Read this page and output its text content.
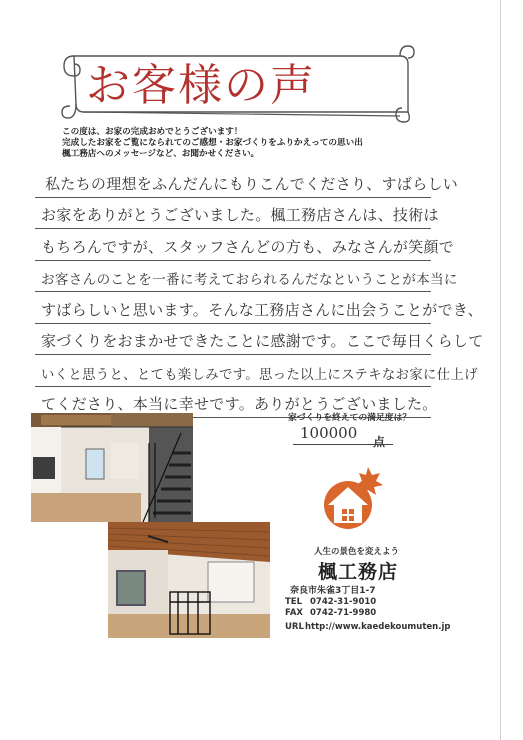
お客様の声
この度は、お家の完成おめでとうございます！
完成したお家をご覧になられてのご感想・お家づくりをふりかえっての思い出
楓工務店へのメッセージなど、お聞かせください。
私たちの理想をふんだんにもりこんでくださり、すばらしい
お家をありがとうございました。楓工務店さんは、技術は
もちろんですが、スタッフさんどの方も、みなさんが笑顔で
お客さんのことを一番に考えておられるんだなということが本当に
すばらしいと思います。そんな工務店さんに出会うことができ、
家づくりをおまかせできたことに感謝です。ここで毎日くらして
いくと思うと、とても楽しみです。思った以上にステキなお家に仕上げ
てくださり、本当に幸せです。ありがとうございました。
家づくりを終えての満足度は？
100000 点
人生の景色を変えよう
楓工務店
奈良市朱雀3丁目1-7
TEL 0742-31-9010
FAX 0742-71-9980
URLhttp://www.kaedekoumuten.jp
